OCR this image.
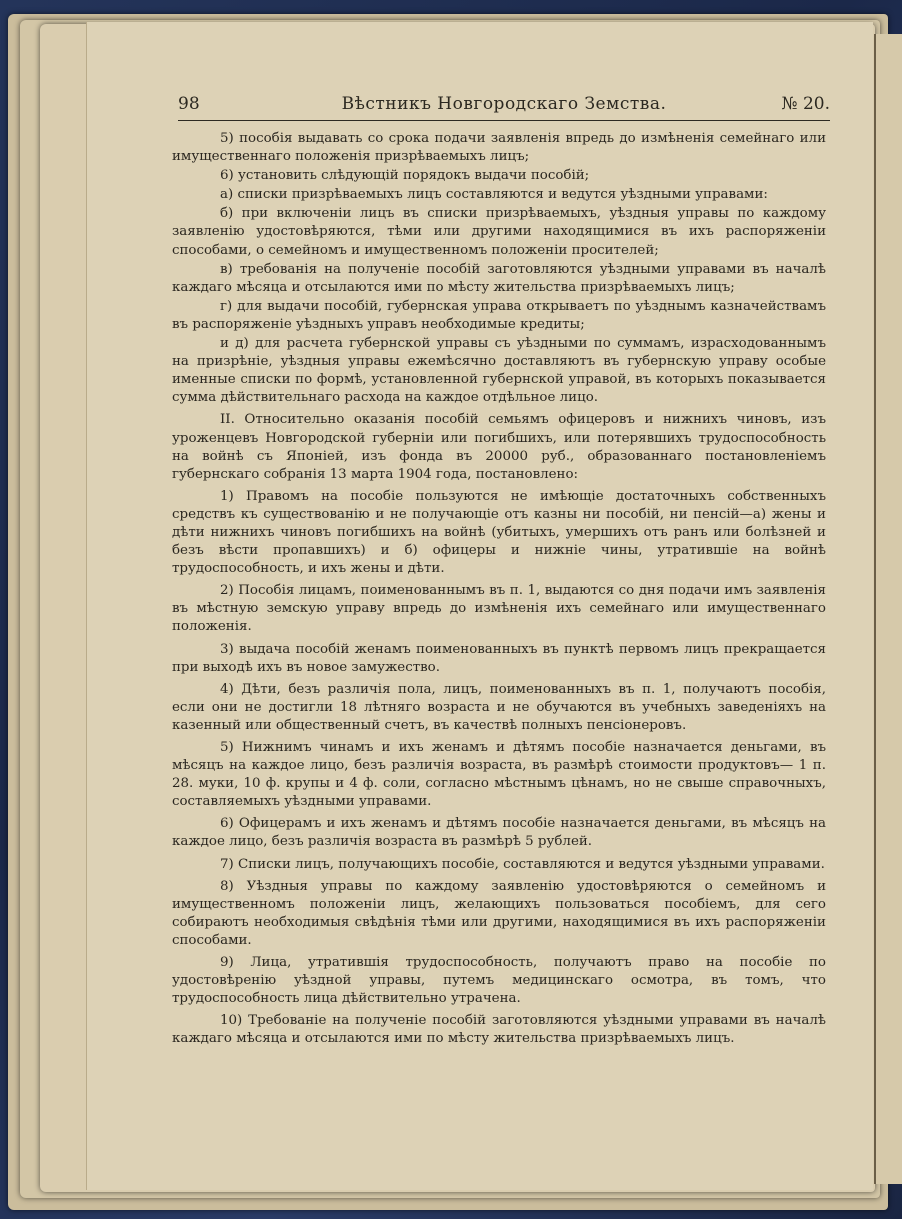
98	Вѣстникъ Новгородскаго Земства.	№ 20.

5) пособія выдавать со срока подачи заявленія впредь до измѣненія семейнаго или имущественнаго положенія призрѣваемыхъ лицъ;

6) установить слѣдующій порядокъ выдачи пособій;

а) списки призрѣваемыхъ лицъ составляются и ведутся уѣздными управами:

б) при включеніи лицъ въ списки призрѣваемыхъ, уѣздныя управы по каждому заявленію удостовѣряются, тѣми или другими находящимися въ ихъ распоряженіи способами, о семейномъ и имущественномъ положеніи просителей;

в) требованія на полученіе пособій заготовляются уѣздными управами въ началѣ каждаго мѣсяца и отсылаются ими по мѣсту жительства призрѣваемыхъ лицъ;

г) для выдачи пособій, губернская управа открываетъ по уѣзднымъ казначействамъ въ распоряженіе уѣздныхъ управъ необходимые кредиты;

и д) для расчета губернской управы съ уѣздными по суммамъ, израсходованнымъ на призрѣніе, уѣздныя управы ежемѣсячно доставляютъ въ губернскую управу особые именные списки по формѣ, установленной губернской управой, въ которыхъ показывается сумма дѣйствительнаго расхода на каждое отдѣльное лицо.

II. Относительно оказанія пособій семьямъ офицеровъ и нижнихъ чиновъ, изъ уроженцевъ Новгородской губерніи или погибшихъ, или потерявшихъ трудоспособность на войнѣ съ Японіей, изъ фонда въ 20000 руб., образованнаго постановленіемъ губернскаго собранія 13 марта 1904 года, постановлено:

1) Правомъ на пособіе пользуются не имѣющіе достаточныхъ собственныхъ средствъ къ существованію и не получающіе отъ казны ни пособій, ни пенсій—а) жены и дѣти нижнихъ чиновъ погибшихъ на войнѣ (убитыхъ, умершихъ отъ ранъ или болѣзней и безъ вѣсти пропавшихъ) и б) офицеры и нижніе чины, утратившіе на войнѣ трудоспособность, и ихъ жены и дѣти.

2) Пособія лицамъ, поименованнымъ въ п. 1, выдаются со дня подачи имъ заявленія въ мѣстную земскую управу впредь до измѣненія ихъ семейнаго или имущественнаго положенія.

3) выдача пособій женамъ поименованныхъ въ пунктѣ первомъ лицъ прекращается при выходѣ ихъ въ новое замужество.

4) Дѣти, безъ различія пола, лицъ, поименованныхъ въ п. 1, получаютъ пособія, если они не достигли 18 лѣтняго возраста и не обучаются въ учебныхъ заведеніяхъ на казенный или общественный счетъ, въ качествѣ полныхъ пенсіонеровъ.

5) Нижнимъ чинамъ и ихъ женамъ и дѣтямъ пособіе назначается деньгами, въ мѣсяцъ на каждое лицо, безъ различія возраста, въ размѣрѣ стоимости продуктовъ— 1 п. 28. муки, 10 ф. крупы и 4 ф. соли, согласно мѣстнымъ цѣнамъ, но не свыше справочныхъ, составляемыхъ уѣздными управами.

6) Офицерамъ и ихъ женамъ и дѣтямъ пособіе назначается деньгами, въ мѣсяцъ на каждое лицо, безъ различія возраста въ размѣрѣ 5 рублей.

7) Списки лицъ, получающихъ пособіе, составляются и ведутся уѣздными управами.

8) Уѣздныя управы по каждому заявленію удостовѣряются о семейномъ и имущественномъ положеніи лицъ, желающихъ пользоваться пособіемъ, для сего собираютъ необходимыя свѣдѣнія тѣми или другими, находящимися въ ихъ распоряженіи способами.

9) Лица, утратившія трудоспособность, получаютъ право на пособіе по удостовѣренію уѣздной управы, путемъ медицинскаго осмотра, въ томъ, что трудоспособность лица дѣйствительно утрачена.

10) Требованіе на полученіе пособій заготовляются уѣздными управами въ началѣ каждаго мѣсяца и отсылаются ими по мѣсту жительства призрѣваемыхъ лицъ.
